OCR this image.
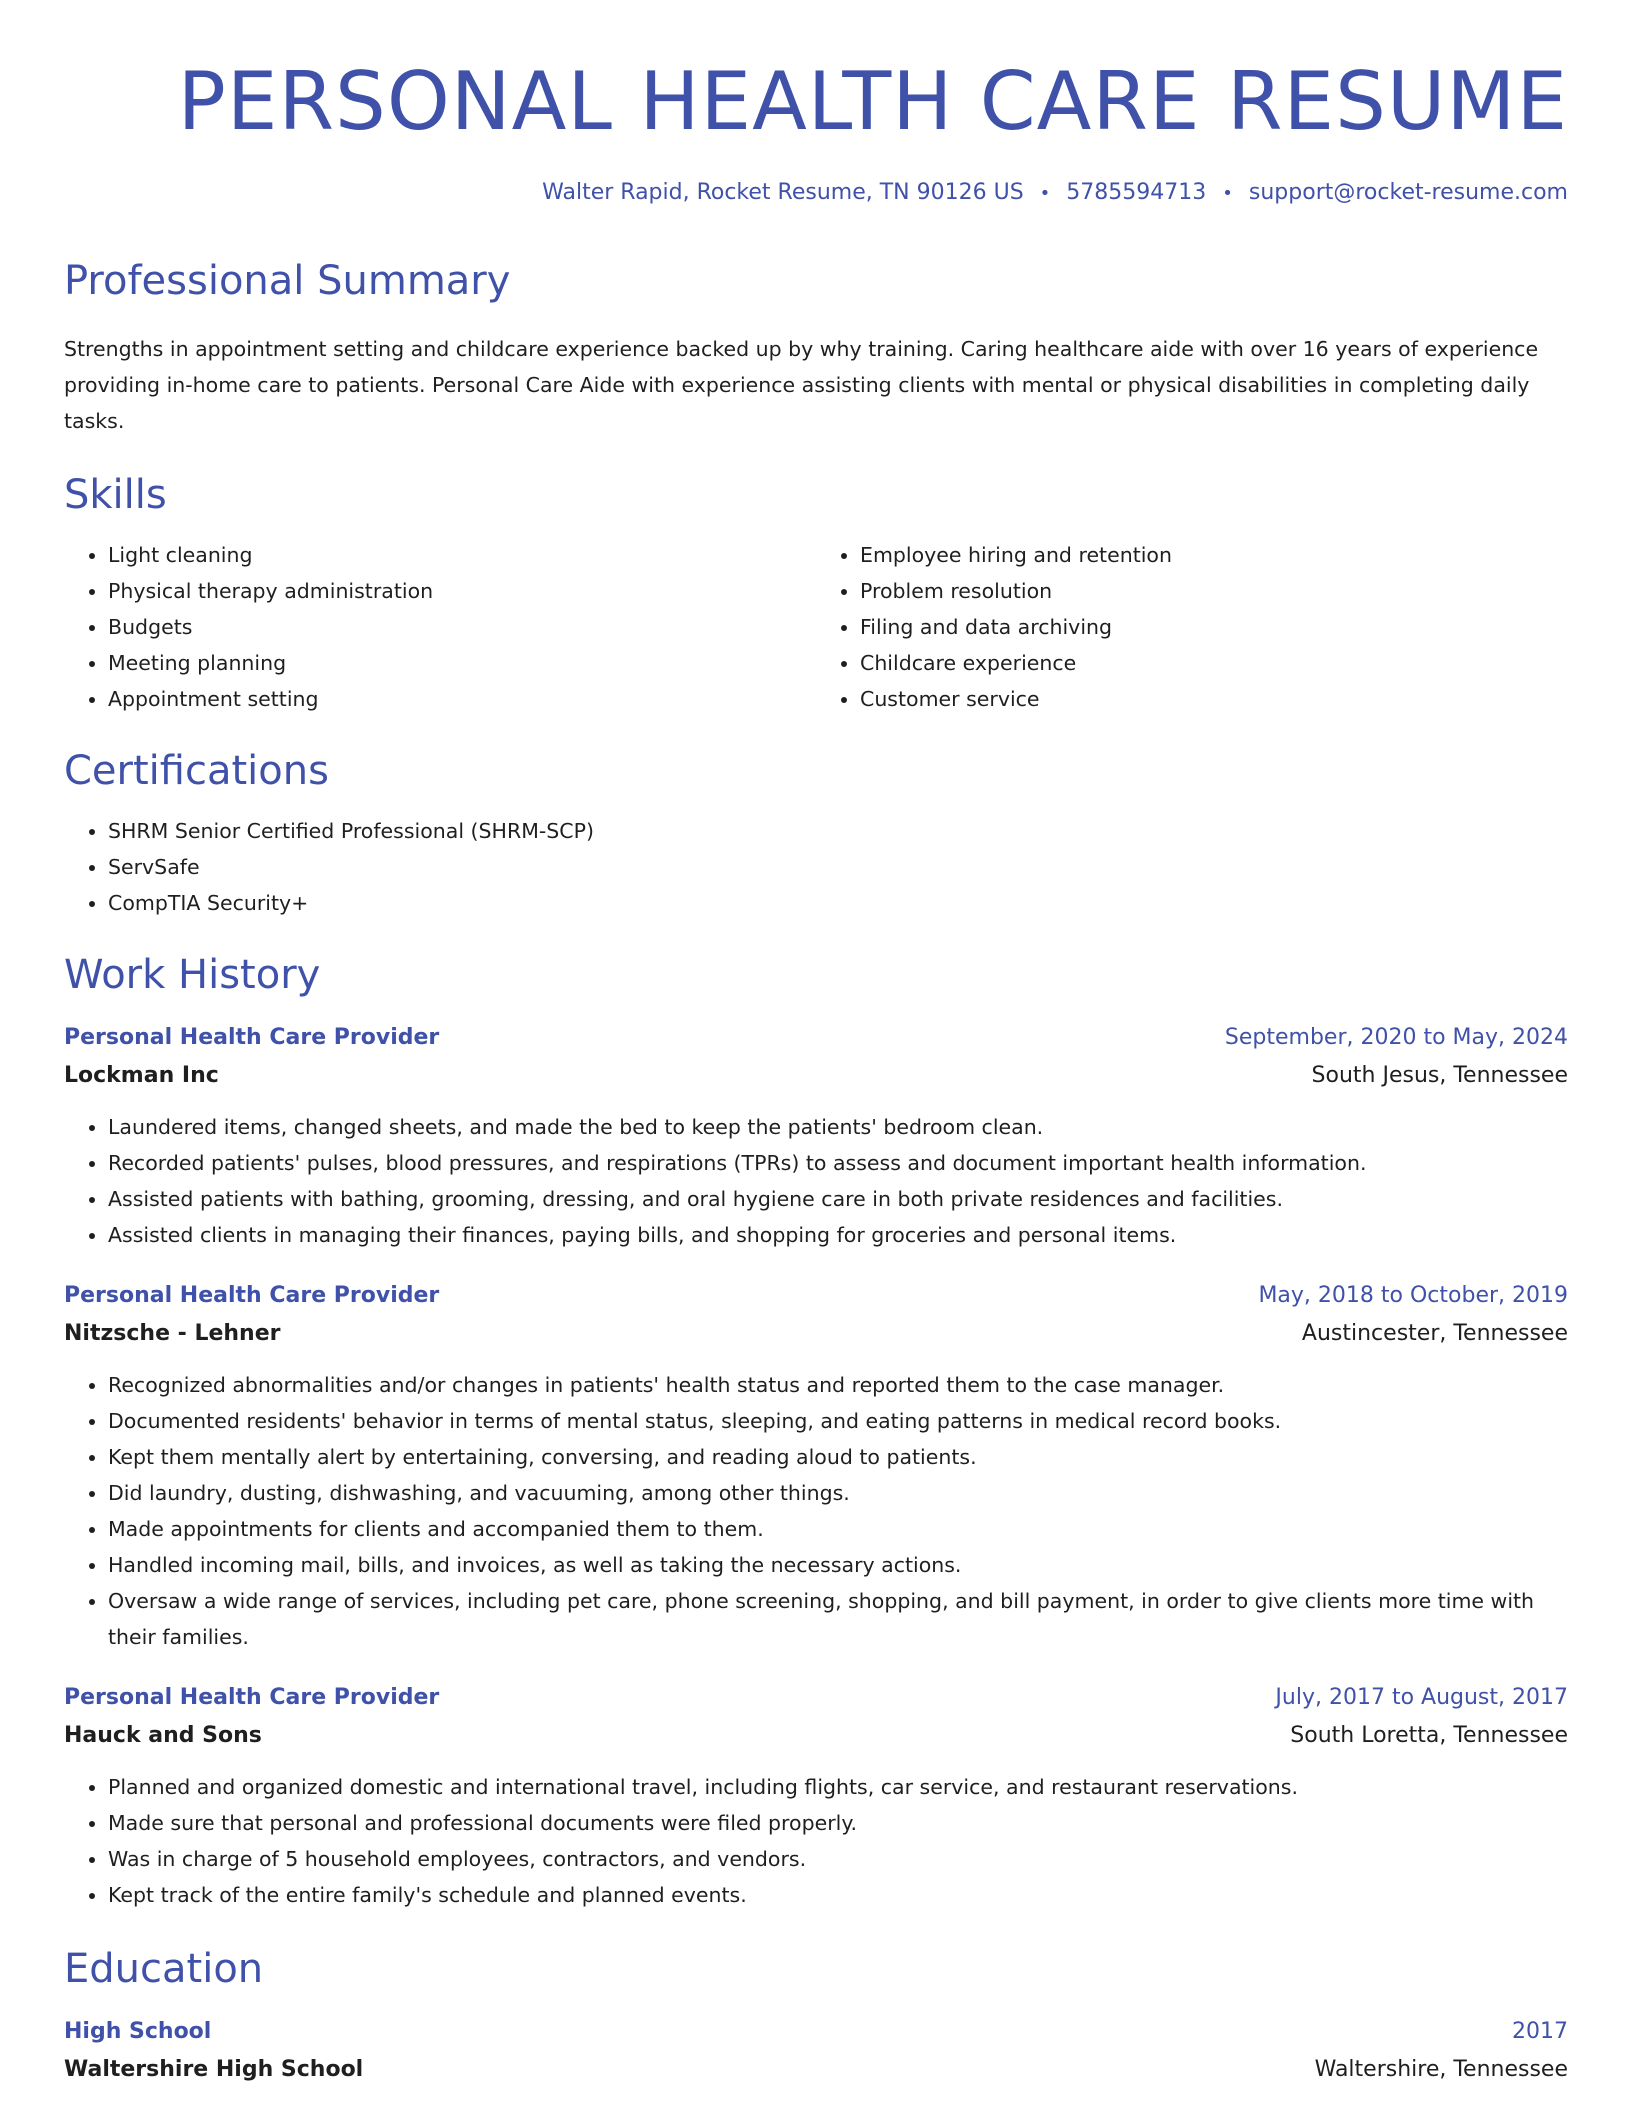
PERSONAL HEALTH CARE RESUME
Walter Rapid, Rocket Resume, TN 90126 US • 5785594713 • support@rocket-resume.com
Professional Summary
Strengths in appointment setting and childcare experience backed up by why training. Caring healthcare aide with over 16 years of experience providing in-home care to patients. Personal Care Aide with experience assisting clients with mental or physical disabilities in completing daily tasks.
Skills
• Light cleaning
• Physical therapy administration
• Budgets
• Meeting planning
• Appointment setting
• Employee hiring and retention
• Problem resolution
• Filing and data archiving
• Childcare experience
• Customer service
Certifications
• SHRM Senior Certified Professional (SHRM-SCP)
• ServSafe
• CompTIA Security+
Work History
Personal Health Care Provider	September, 2020 to May, 2024
Lockman Inc	South Jesus, Tennessee
• Laundered items, changed sheets, and made the bed to keep the patients' bedroom clean.
• Recorded patients' pulses, blood pressures, and respirations (TPRs) to assess and document important health information.
• Assisted patients with bathing, grooming, dressing, and oral hygiene care in both private residences and facilities.
• Assisted clients in managing their finances, paying bills, and shopping for groceries and personal items.
Personal Health Care Provider	May, 2018 to October, 2019
Nitzsche - Lehner	Austincester, Tennessee
• Recognized abnormalities and/or changes in patients' health status and reported them to the case manager.
• Documented residents' behavior in terms of mental status, sleeping, and eating patterns in medical record books.
• Kept them mentally alert by entertaining, conversing, and reading aloud to patients.
• Did laundry, dusting, dishwashing, and vacuuming, among other things.
• Made appointments for clients and accompanied them to them.
• Handled incoming mail, bills, and invoices, as well as taking the necessary actions.
• Oversaw a wide range of services, including pet care, phone screening, shopping, and bill payment, in order to give clients more time with their families.
Personal Health Care Provider	July, 2017 to August, 2017
Hauck and Sons	South Loretta, Tennessee
• Planned and organized domestic and international travel, including flights, car service, and restaurant reservations.
• Made sure that personal and professional documents were filed properly.
• Was in charge of 5 household employees, contractors, and vendors.
• Kept track of the entire family's schedule and planned events.
Education
High School	2017
Waltershire High School	Waltershire, Tennessee
